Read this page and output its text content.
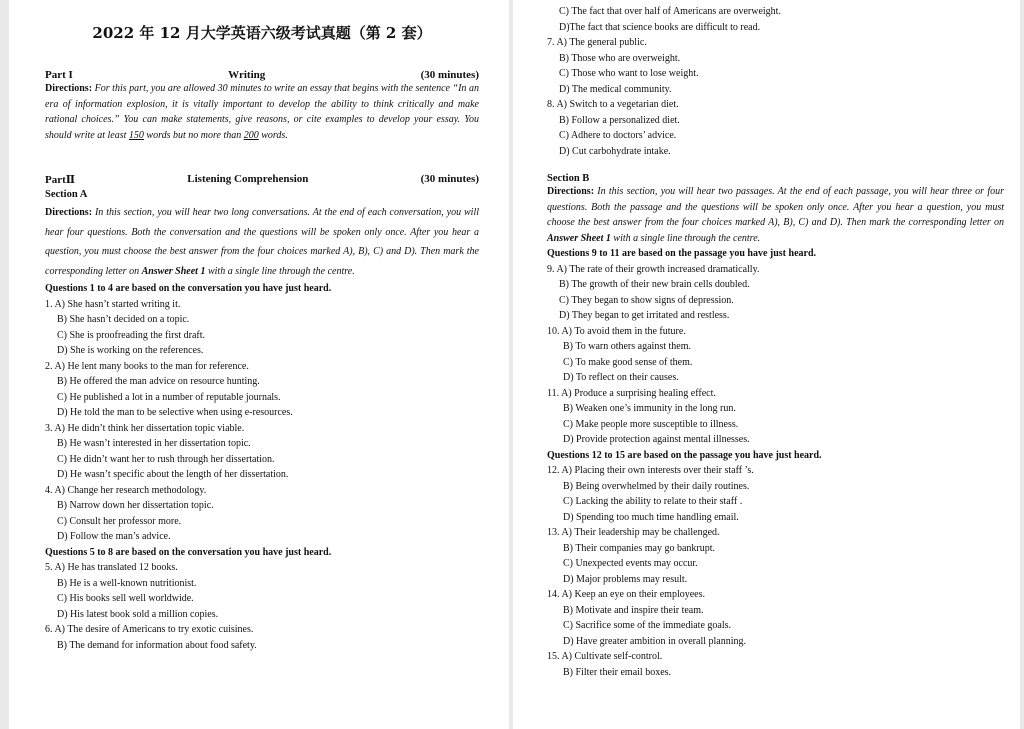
2022 年 12 月大学英语六级考试真题（第 2 套）
Part I	Writing	(30 minutes)

Directions: For this part, you are allowed 30 minutes to write an essay that begins with the sentence “In an era of information explosion, it is vitally important to develop the ability to think critically and make rational choices.” You can make statements, give reasons, or cite examples to develop your essay. You should write at least 150 words but no more than 200 words.

PartⅡ	Listening Comprehension	(30 minutes)

Section A

Directions: In this section, you will hear two long conversations. At the end of each conversation, you will hear four questions. Both the conversation and the questions will be spoken only once. After you hear a question, you must choose the best answer from the four choices marked A), B), C) and D). Then mark the corresponding letter on Answer Sheet 1 with a single line through the centre.

Questions 1 to 4 are based on the conversation you have just heard.

1. A) She hasn’t started writing it.

B) She hasn’t decided on a topic.

C) She is proofreading the first draft.

D) She is working on the references.

2. A) He lent many books to the man for reference.

B) He offered the man advice on resource hunting.

C) He published a lot in a number of reputable journals.

D) He told the man to be selective when using e-resources.

3. A) He didn’t think her dissertation topic viable.

B) He wasn’t interested in her dissertation topic.

C) He didn’t want her to rush through her dissertation.

D) He wasn’t specific about the length of her dissertation.

4. A) Change her research methodology.

B) Narrow down her dissertation topic.

C) Consult her professor more.

D) Follow the man’s advice.

Questions 5 to 8 are based on the conversation you have just heard.

5. A) He has translated 12 books.

B) He is a well-known nutritionist.

C) His books sell well worldwide.

D) His latest book sold a million copies.

6. A) The desire of Americans to try exotic cuisines.

B) The demand for information about food safety.

C) The fact that over half of Americans are overweight.

D)The fact that science books are difficult to read.

7. A) The general public.

B) Those who are overweight.

C) Those who want to lose weight.

D) The medical community.

8. A) Switch to a vegetarian diet.

B) Follow a personalized diet.

C) Adhere to doctors’ advice.

D) Cut carbohydrate intake.

Section B

Directions: In this section, you will hear two passages. At the end of each passage, you will hear three or four questions. Both the passage and the questions will be spoken only once. After you hear a question, you must choose the best answer from the four choices marked A), B), C) and D). Then mark the corresponding letter on Answer Sheet 1 with a single line through the centre.

Questions 9 to 11 are based on the passage you have just heard.

9. A) The rate of their growth increased dramatically.

B) The growth of their new brain cells doubled.

C) They began to show signs of depression.

D) They began to get irritated and restless.

10. A) To avoid them in the future.

B) To warn others against them.

C) To make good sense of them.

D) To reflect on their causes.

11. A) Produce a surprising healing effect.

B) Weaken one’s immunity in the long run.

C) Make people more susceptible to illness.

D) Provide protection against mental illnesses.

Questions 12 to 15 are based on the passage you have just heard.

12. A) Placing their own interests over their staff ’s.

B) Being overwhelmed by their daily routines.

C) Lacking the ability to relate to their staff .

D) Spending too much time handling email.

13. A) Their leadership may be challenged.

B) Their companies may go bankrupt.

C) Unexpected events may occur.

D) Major problems may result.

14. A) Keep an eye on their employees.

B) Motivate and inspire their team.

C) Sacrifice some of the immediate goals.

D) Have greater ambition in overall planning.

15. A) Cultivate self-control.

B) Filter their email boxes.
